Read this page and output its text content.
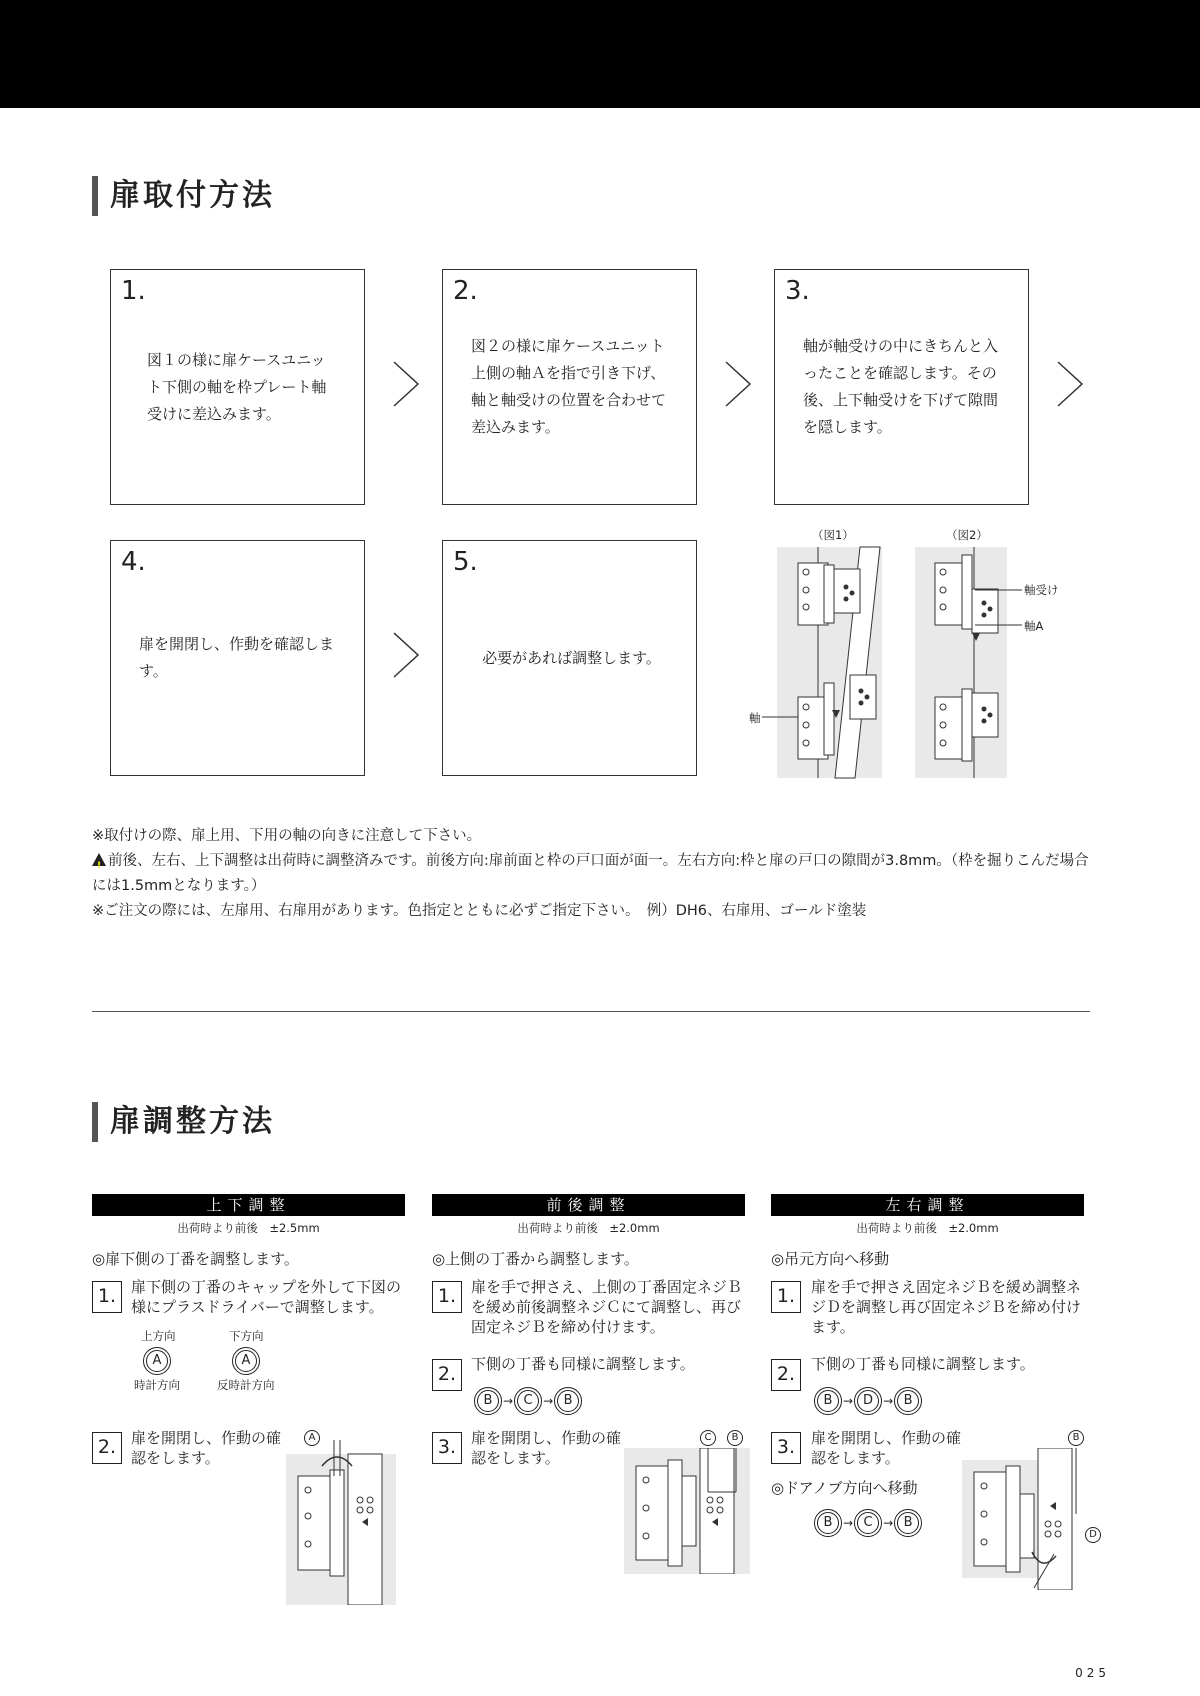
扉取付方法
1.
図１の様に扉ケースユニット下側の軸を枠プレート軸受けに差込みます。
2.
図２の様に扉ケースユニット上側の軸Ａを指で引き下げ、軸と軸受けの位置を合わせて差込みます。
3.
軸が軸受けの中にきちんと入ったことを確認します。その後、上下軸受けを下げて隙間を隠します。
4.
扉を開閉し、作動を確認します。
5.
必要があれば調整します。
（図1）	（図2）
軸受け
軸A
軸

※取付けの際、扉上用、下用の軸の向きに注意して下さい。

!前後、左右、上下調整は出荷時に調整済みです。前後方向:扉前面と枠の戸口面が面一。左右方向:枠と扉の戸口の隙間が3.8mm。（枠を掘りこんだ場合には1.5mmとなります。）

※ご注文の際には、左扉用、右扉用があります。色指定とともに必ずご指定下さい。　例）DH6、右扉用、ゴールド塗装

扉調整方法
上下調整
出荷時より前後　±2.5mm
◎扉下側の丁番を調整します。
1. 扉下側の丁番のキャップを外して下図の様にプラスドライバーで調整します。
上方向	下方向
A	A
時計方向	反時計方向
2. 扉を開閉し、作動の確認をします。
A
前後調整
出荷時より前後　±2.0mm
◎上側の丁番から調整します。
1. 扉を手で押さえ、上側の丁番固定ネジＢを緩め前後調整ネジＣにて調整し、再び固定ネジＢを締め付けます。
2. 下側の丁番も同様に調整します。
B → C → B
3. 扉を開閉し、作動の確認をします。
C	B
左右調整
出荷時より前後　±2.0mm
◎吊元方向へ移動
1.	扉を手で押さえ固定ネジＢを緩め調整ネジＤを調整し再び固定ネジＢを締め付けます。
2.	下側の丁番も同様に調整します。
B → D → B
3.	扉を開閉し、作動の確認をします。
◎ドアノブ方向へ移動
B → C → B
B
D
025
